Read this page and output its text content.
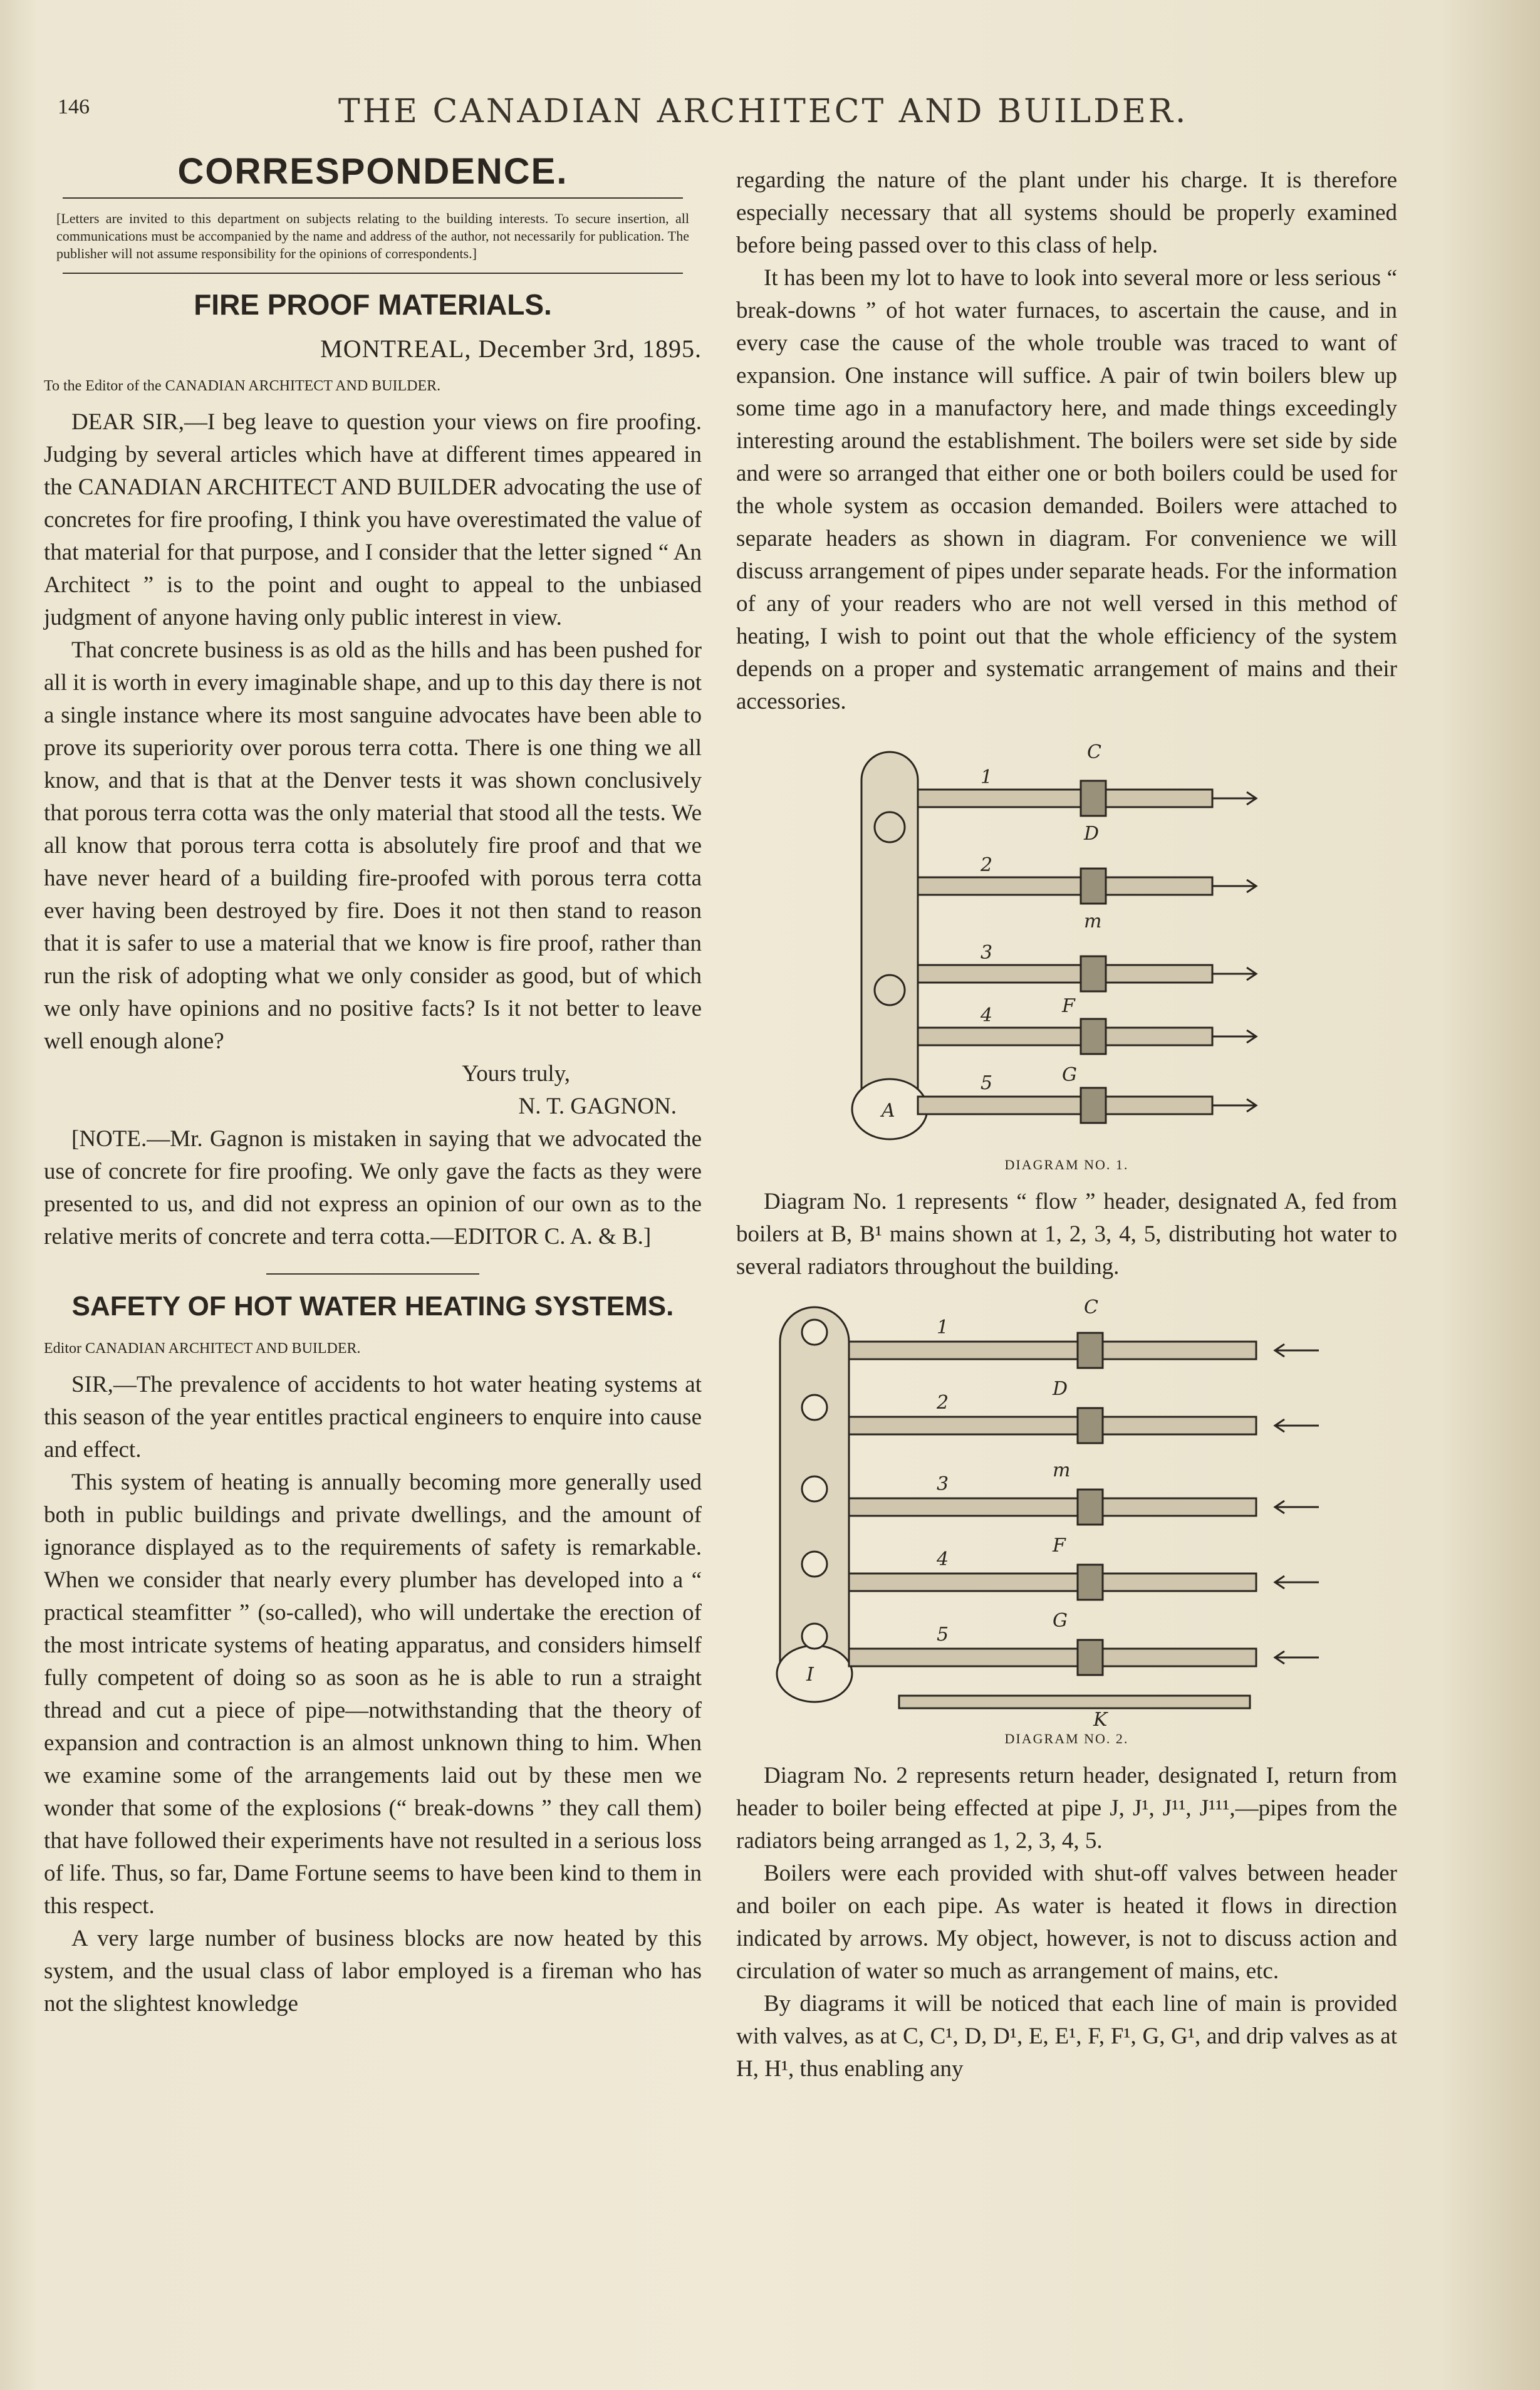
146	THE CANADIAN ARCHITECT AND BUILDER.
CORRESPONDENCE.

[Letters are invited to this department on subjects relating to the building interests. To secure insertion, all communications must be accompanied by the name and address of the author, not necessarily for publication. The publisher will not assume responsibility for the opinions of correspondents.]

FIRE PROOF MATERIALS.
MONTREAL, December 3rd, 1895.

To the Editor of the CANADIAN ARCHITECT AND BUILDER.

DEAR SIR,—I beg leave to question your views on fire proofing. Judging by several articles which have at different times appeared in the CANADIAN ARCHITECT AND BUILDER advocating the use of concretes for fire proofing, I think you have overestimated the value of that material for that purpose, and I consider that the letter signed “ An Architect ” is to the point and ought to appeal to the unbiased judgment of anyone having only public interest in view.

That concrete business is as old as the hills and has been pushed for all it is worth in every imaginable shape, and up to this day there is not a single instance where its most sanguine advocates have been able to prove its superiority over porous terra cotta. There is one thing we all know, and that is that at the Denver tests it was shown conclusively that porous terra cotta was the only material that stood all the tests. We all know that porous terra cotta is absolutely fire proof and that we have never heard of a building fire-proofed with porous terra cotta ever having been destroyed by fire. Does it not then stand to reason that it is safer to use a material that we know is fire proof, rather than run the risk of adopting what we only consider as good, but of which we only have opinions and no positive facts? Is it not better to leave well enough alone?

Yours truly,
N. T. GAGNON.

[NOTE.—Mr. Gagnon is mistaken in saying that we advocated the use of concrete for fire proofing. We only gave the facts as they were presented to us, and did not express an opinion of our own as to the relative merits of concrete and terra cotta.—EDITOR C. A. & B.]

SAFETY OF HOT WATER HEATING SYSTEMS.

Editor CANADIAN ARCHITECT AND BUILDER.

SIR,—The prevalence of accidents to hot water heating systems at this season of the year entitles practical engineers to enquire into cause and effect.

This system of heating is annually becoming more generally used both in public buildings and private dwellings, and the amount of ignorance displayed as to the requirements of safety is remarkable. When we consider that nearly every plumber has developed into a “ practical steamfitter ” (so-called), who will undertake the erection of the most intricate systems of heating apparatus, and considers himself fully competent of doing so as soon as he is able to run a straight thread and cut a piece of pipe—notwithstanding that the theory of expansion and contraction is an almost unknown thing to him. When we examine some of the arrangements laid out by these men we wonder that some of the explosions (“ break-downs ” they call them) that have followed their experiments have not resulted in a serious loss of life. Thus, so far, Dame Fortune seems to have been kind to them in this respect.

A very large number of business blocks are now heated by this system, and the usual class of labor employed is a fireman who has not the slightest knowledge

regarding the nature of the plant under his charge. It is therefore especially necessary that all systems should be properly examined before being passed over to this class of help.

It has been my lot to have to look into several more or less serious “ break-downs ” of hot water furnaces, to ascertain the cause, and in every case the cause of the whole trouble was traced to want of expansion. One instance will suffice. A pair of twin boilers blew up some time ago in a manufactory here, and made things exceedingly interesting around the establishment. The boilers were set side by side and were so arranged that either one or both boilers could be used for the whole system as occasion demanded. Boilers were attached to separate headers as shown in diagram. For convenience we will discuss arrangement of pipes under separate heads. For the information of any of your readers who are not well versed in this method of heating, I wish to point out that the whole efficiency of the system depends on a proper and systematic arrangement of mains and their accessories.

C
1
2
3
4
5
D
m
F
G
A
DIAGRAM NO. 1.

Diagram No. 1 represents “ flow ” header, designated A, fed from boilers at B, B¹ mains shown at 1, 2, 3, 4, 5, distributing hot water to several radiators throughout the building.

C
1
2
3
4
5
D
m
F
G
I
K
DIAGRAM NO. 2.

Diagram No. 2 represents return header, designated I, return from header to boiler being effected at pipe J, J¹, J¹¹, J¹¹¹,—pipes from the radiators being arranged as 1, 2, 3, 4, 5.

Boilers were each provided with shut-off valves between header and boiler on each pipe. As water is heated it flows in direction indicated by arrows. My object, however, is not to discuss action and circulation of water so much as arrangement of mains, etc.

By diagrams it will be noticed that each line of main is provided with valves, as at C, C¹, D, D¹, E, E¹, F, F¹, G, G¹, and drip valves as at H, H¹, thus enabling any
